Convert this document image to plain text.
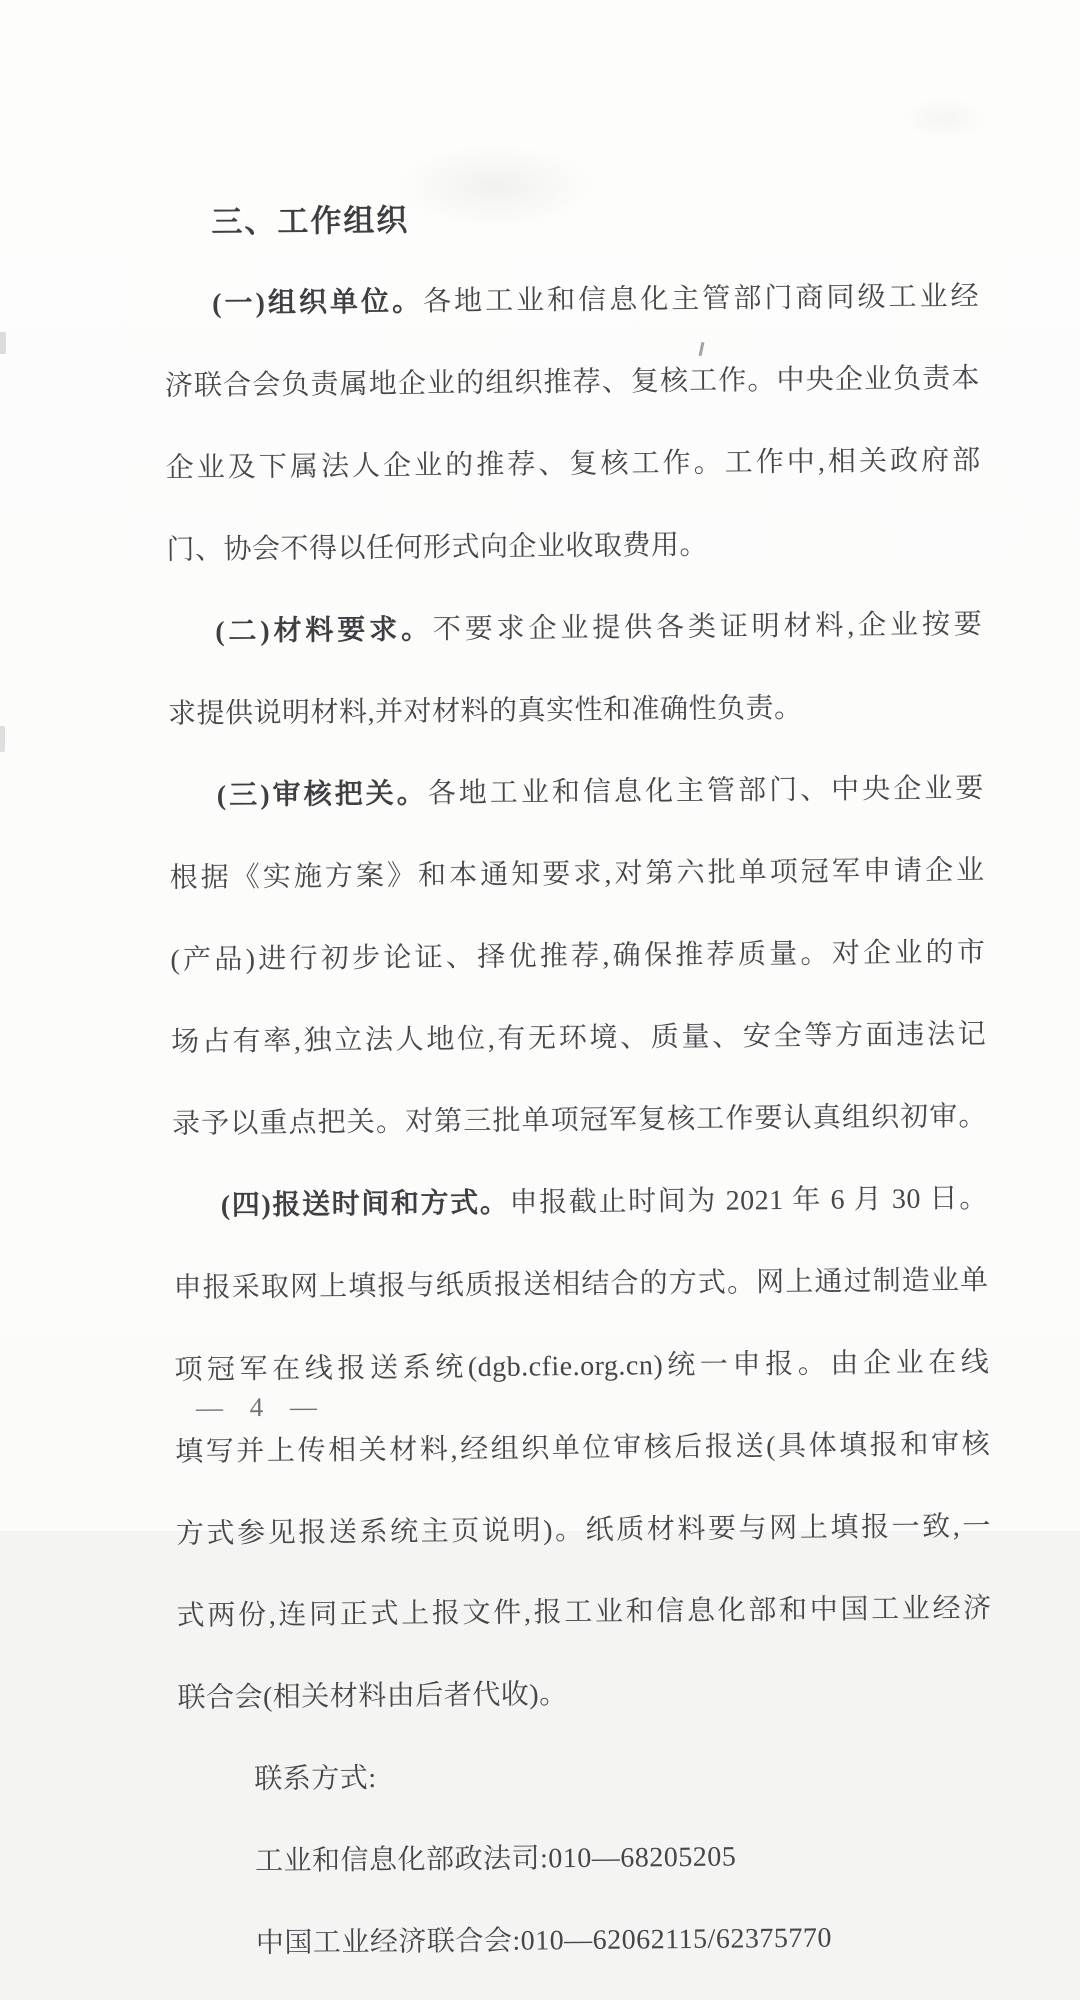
三、工作组织

(一)组织单位。各地工业和信息化主管部门商同级工业经

济联合会负责属地企业的组织推荐、复核工作。中央企业负责本

企业及下属法人企业的推荐、复核工作。工作中,相关政府部

门、协会不得以任何形式向企业收取费用。

(二)材料要求。不要求企业提供各类证明材料,企业按要

求提供说明材料,并对材料的真实性和准确性负责。

(三)审核把关。各地工业和信息化主管部门、中央企业要

根据《实施方案》和本通知要求,对第六批单项冠军申请企业

(产品)进行初步论证、择优推荐,确保推荐质量。对企业的市

场占有率,独立法人地位,有无环境、质量、安全等方面违法记

录予以重点把关。对第三批单项冠军复核工作要认真组织初审。

(四)报送时间和方式。申报截止时间为 2021 年 6 月 30 日。

申报采取网上填报与纸质报送相结合的方式。网上通过制造业单

项冠军在线报送系统(dgb.cfie.org.cn)统一申报。由企业在线

填写并上传相关材料,经组织单位审核后报送(具体填报和审核

方式参见报送系统主页说明)。纸质材料要与网上填报一致,一

式两份,连同正式上报文件,报工业和信息化部和中国工业经济

联合会(相关材料由后者代收)。

联系方式:

工业和信息化部政法司:010—68205205

中国工业经济联合会:010—62062115/62375770

— 4 —
